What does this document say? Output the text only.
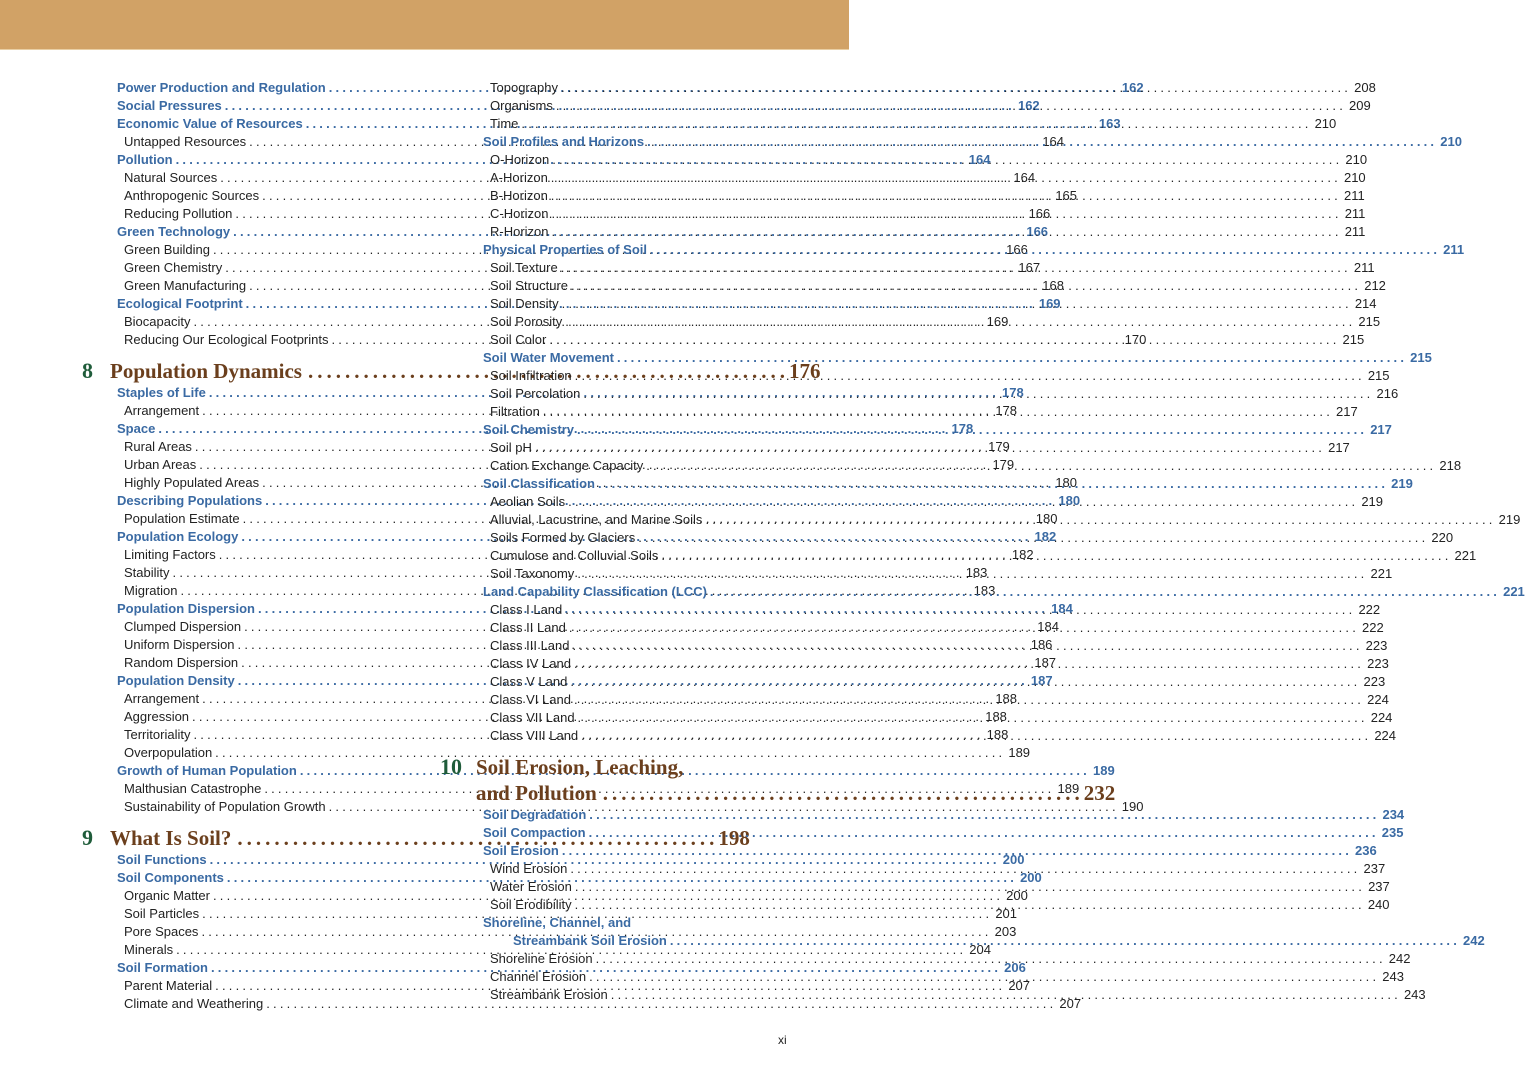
Power Production and Regulation .....	162
Social Pressures .....	162
Economic Value of Resources .....	163
Untapped Resources .....	164
Pollution .....	164
Natural Sources .....	164
Anthropogenic Sources .....	165
Reducing Pollution .....	166
Green Technology .....	166
Green Building .....	166
Green Chemistry .....	167
Green Manufacturing .....	168
Ecological Footprint .....	169
Biocapacity .....	169
Reducing Our Ecological Footprints .....	170
8 Population Dynamics .....	176
Staples of Life .....	178
Arrangement .....	178
Space .....	178
Rural Areas .....	179
Urban Areas .....	179
Highly Populated Areas .....	180
Describing Populations .....	180
Population Estimate .....	180
Population Ecology .....	182
Limiting Factors .....	182
Stability .....	183
Migration .....	183
Population Dispersion .....	184
Clumped Dispersion .....	184
Uniform Dispersion .....	186
Random Dispersion .....	187
Population Density .....	187
Arrangement .....	188
Aggression .....	188
Territoriality .....	188
Overpopulation .....	189
Growth of Human Population .....	189
Malthusian Catastrophe .....	189
Sustainability of Population Growth .....	190
9 What Is Soil? .....	198
Soil Functions .....	200
Soil Components .....	200
Organic Matter .....	200
Soil Particles .....	201
Pore Spaces .....	203
Minerals .....	204
Soil Formation .....	206
Parent Material .....	207
Climate and Weathering .....	207
Topography .....	208
Organisms .....	209
Time .....	210
Soil Profiles and Horizons .....	210
O-Horizon .....	210
A-Horizon .....	210
B-Horizon .....	211
C-Horizon .....	211
R-Horizon .....	211
Physical Properties of Soil .....	211
Soil Texture .....	211
Soil Structure .....	212
Soil Density .....	214
Soil Porosity .....	215
Soil Color .....	215
Soil Water Movement .....	215
Soil Infiltration .....	215
Soil Percolation .....	216
Filtration .....	217
Soil Chemistry .....	217
Soil pH .....	217
Cation Exchange Capacity .....	218
Soil Classification .....	219
Aeolian Soils .....	219
Alluvial, Lacustrine, and Marine Soils .....	219
Soils Formed by Glaciers .....	220
Cumulose and Colluvial Soils .....	221
Soil Taxonomy .....	221
Land Capability Classification (LCC) .....	221
Class I Land .....	222
Class II Land .....	222
Class III Land .....	223
Class IV Land .....	223
Class V Land .....	223
Class VI Land .....	224
Class VII Land .....	224
Class VIII Land .....	224
10 Soil Erosion, Leaching,
and Pollution .....	232
Soil Degradation .....	234
Soil Compaction .....	235
Soil Erosion .....	236
Wind Erosion .....	237
Water Erosion .....	237
Soil Erodibility .....	240
Shoreline, Channel, and
Streambank Soil Erosion .....	242
Shoreline Erosion .....	242
Channel Erosion .....	243
Streambank Erosion .....	243
xi
